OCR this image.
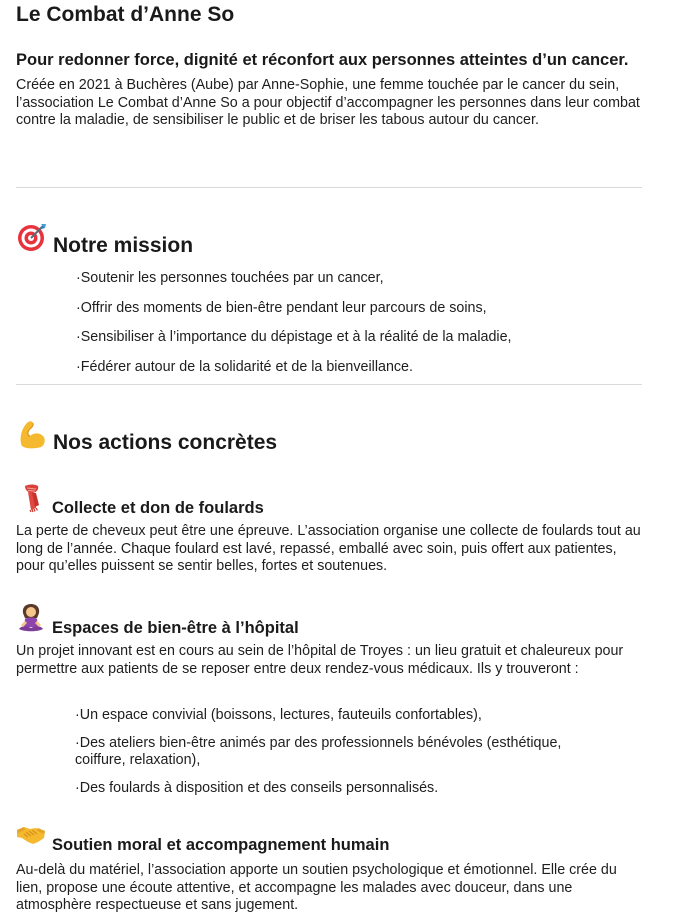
Le Combat d’Anne So

Pour redonner force, dignité et réconfort aux personnes atteintes d’un cancer.

Créée en 2021 à Buchères (Aube) par Anne-Sophie, une femme touchée par le cancer du sein, l’association Le Combat d’Anne So a pour objectif d’accompagner les personnes dans leur combat contre la maladie, de sensibiliser le public et de briser les tabous autour du cancer.

Notre mission
· Soutenir les personnes touchées par un cancer,
· Offrir des moments de bien-être pendant leur parcours de soins,
· Sensibiliser à l’importance du dépistage et à la réalité de la maladie,
· Fédérer autour de la solidarité et de la bienveillance.
Nos actions concrètes
Collecte et don de foulards

La perte de cheveux peut être une épreuve. L’association organise une collecte de foulards tout au long de l’année. Chaque foulard est lavé, repassé, emballé avec soin, puis offert aux patientes, pour qu’elles puissent se sentir belles, fortes et soutenues.

Espaces de bien-être à l’hôpital

Un projet innovant est en cours au sein de l’hôpital de Troyes : un lieu gratuit et chaleureux pour permettre aux patients de se reposer entre deux rendez-vous médicaux. Ils y trouveront :

· Un espace convivial (boissons, lectures, fauteuils confortables),
· Des ateliers bien-être animés par des professionnels bénévoles (esthétique, coiffure, relaxation),
· Des foulards à disposition et des conseils personnalisés.
Soutien moral et accompagnement humain

Au-delà du matériel, l’association apporte un soutien psychologique et émotionnel. Elle crée du lien, propose une écoute attentive, et accompagne les malades avec douceur, dans une atmosphère respectueuse et sans jugement.
